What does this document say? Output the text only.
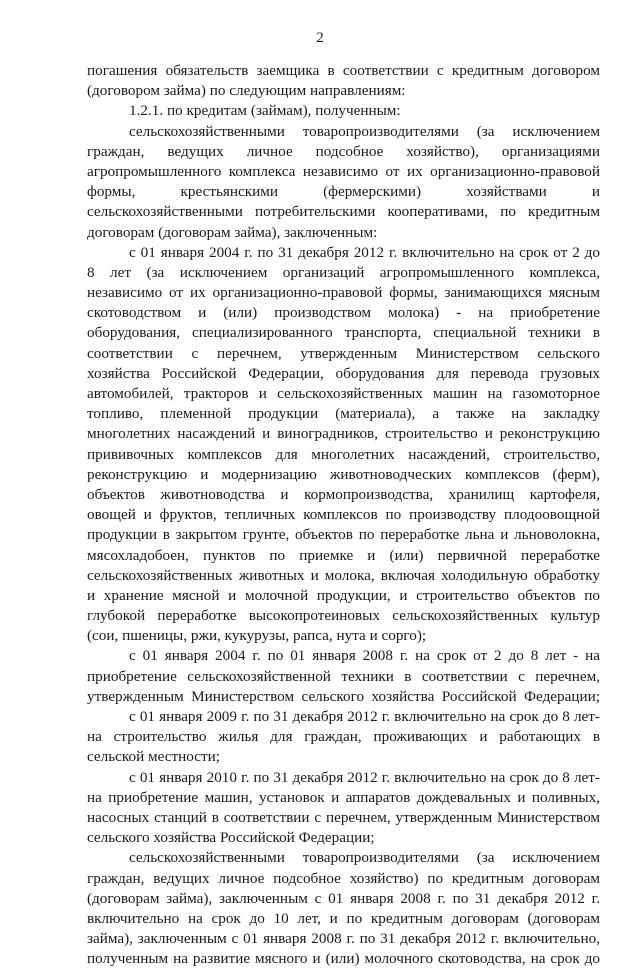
2
погашения обязательств заемщика в соответствии с кредитным договором
(договором займа) по следующим направлениям:
1.2.1. по кредитам (займам), полученным:
сельскохозяйственными товаропроизводителями (за исключением
граждан, ведущих личное подсобное хозяйство), организациями
агропромышленного комплекса независимо от их организационно-правовой
формы, крестьянскими (фермерскими) хозяйствами и
сельскохозяйственными потребительскими кооперативами, по кредитным
договорам (договорам займа), заключенным:
с 01 января 2004 г. по 31 декабря 2012 г. включительно на срок от 2 до
8 лет (за исключением организаций агропромышленного комплекса,
независимо от их организационно-правовой формы, занимающихся мясным
скотоводством и (или) производством молока) - на приобретение
оборудования, специализированного транспорта, специальной техники в
соответствии с перечнем, утвержденным Министерством сельского
хозяйства Российской Федерации, оборудования для перевода грузовых
автомобилей, тракторов и сельскохозяйственных машин на газомоторное
топливо, племенной продукции (материала), а также на закладку
многолетних насаждений и виноградников, строительство и реконструкцию
прививочных комплексов для многолетних насаждений, строительство,
реконструкцию и модернизацию животноводческих комплексов (ферм),
объектов животноводства и кормопроизводства, хранилищ картофеля,
овощей и фруктов, тепличных комплексов по производству плодоовощной
продукции в закрытом грунте, объектов по переработке льна и льноволокна,
мясохладобоен, пунктов по приемке и (или) первичной переработке
сельскохозяйственных животных и молока, включая холодильную обработку
и хранение мясной и молочной продукции, и строительство объектов по
глубокой переработке высокопротеиновых сельскохозяйственных культур
(сои, пшеницы, ржи, кукурузы, рапса, нута и сорго);
с 01 января 2004 г. по 01 января 2008 г. на срок от 2 до 8 лет - на
приобретение сельскохозяйственной техники в соответствии с перечнем,
утвержденным Министерством сельского хозяйства Российской Федерации;
с 01 января 2009 г. по 31 декабря 2012 г. включительно на срок до 8 лет-
на строительство жилья для граждан, проживающих и работающих в
сельской местности;
с 01 января 2010 г. по 31 декабря 2012 г. включительно на срок до 8 лет-
на приобретение машин, установок и аппаратов дождевальных и поливных,
насосных станций в соответствии с перечнем, утвержденным Министерством
сельского хозяйства Российской Федерации;
сельскохозяйственными товаропроизводителями (за исключением
граждан, ведущих личное подсобное хозяйство) по кредитным договорам
(договорам займа), заключенным с 01 января 2008 г. по 31 декабря 2012 г.
включительно на срок до 10 лет, и по кредитным договорам (договорам
займа), заключенным с 01 января 2008 г. по 31 декабря 2012 г. включительно,
полученным на развитие мясного и (или) молочного скотоводства, на срок до
